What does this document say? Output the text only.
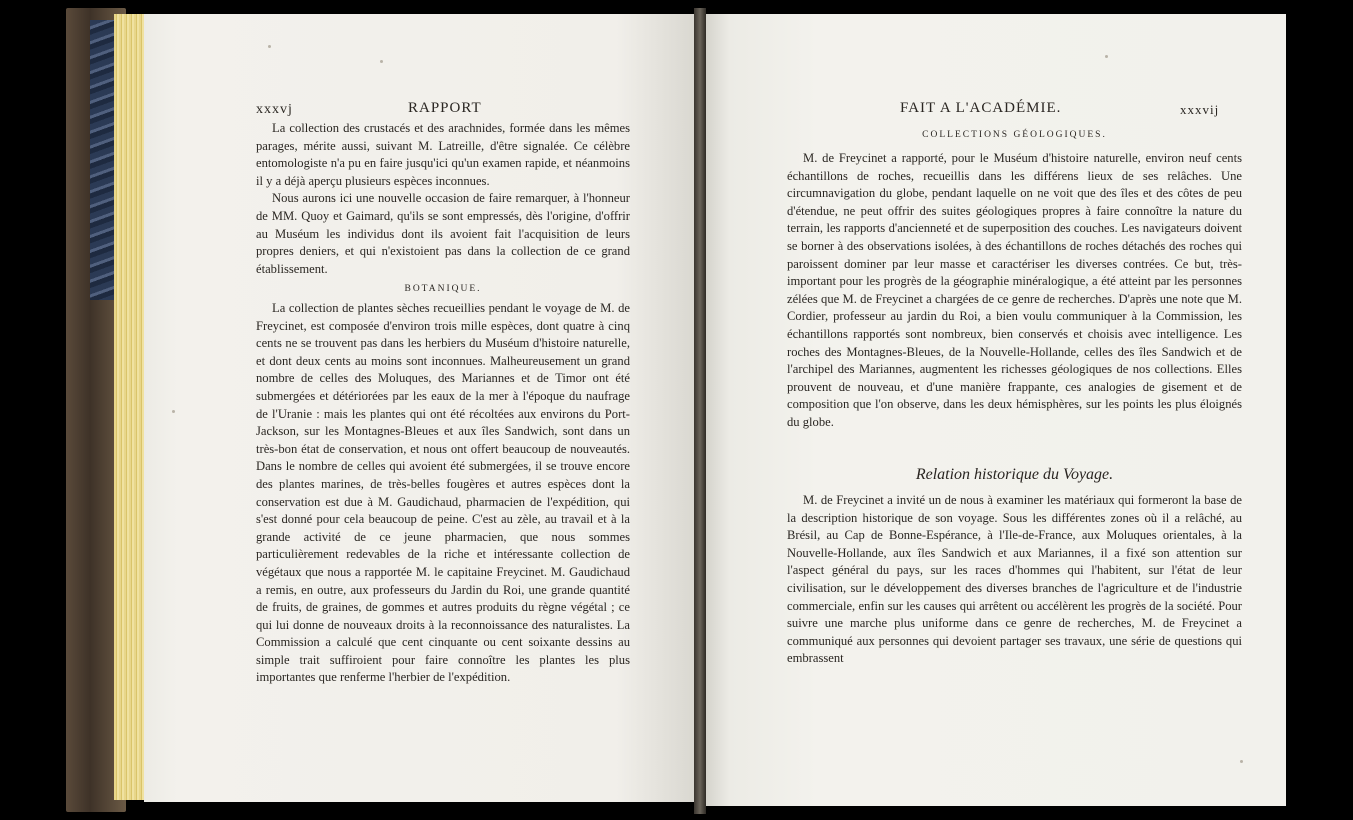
xxxvj	RAPPORT

La collection des crustacés et des arachnides, formée dans les mêmes parages, mérite aussi, suivant M. Latreille, d'être signalée. Ce célèbre entomologiste n'a pu en faire jusqu'ici qu'un examen rapide, et néanmoins il y a déjà aperçu plusieurs espèces inconnues.

Nous aurons ici une nouvelle occasion de faire remarquer, à l'honneur de MM. Quoy et Gaimard, qu'ils se sont empressés, dès l'origine, d'offrir au Muséum les individus dont ils avoient fait l'acquisition de leurs propres deniers, et qui n'existoient pas dans la collection de ce grand établissement.

BOTANIQUE.

La collection de plantes sèches recueillies pendant le voyage de M. de Freycinet, est composée d'environ trois mille espèces, dont quatre à cinq cents ne se trouvent pas dans les herbiers du Muséum d'histoire naturelle, et dont deux cents au moins sont inconnues. Malheureusement un grand nombre de celles des Moluques, des Mariannes et de Timor ont été submergées et détériorées par les eaux de la mer à l'époque du naufrage de l'Uranie : mais les plantes qui ont été récoltées aux environs du Port-Jackson, sur les Montagnes-Bleues et aux îles Sandwich, sont dans un très-bon état de conservation, et nous ont offert beaucoup de nouveautés. Dans le nombre de celles qui avoient été submergées, il se trouve encore des plantes marines, de très-belles fougères et autres espèces dont la conservation est due à M. Gaudichaud, pharmacien de l'expédition, qui s'est donné pour cela beaucoup de peine. C'est au zèle, au travail et à la grande activité de ce jeune pharmacien, que nous sommes particulièrement redevables de la riche et intéressante collection de végétaux que nous a rapportée M. le capitaine Freycinet. M. Gaudichaud a remis, en outre, aux professeurs du Jardin du Roi, une grande quantité de fruits, de graines, de gommes et autres produits du règne végétal ; ce qui lui donne de nouveaux droits à la reconnoissance des naturalistes. La Commission a calculé que cent cinquante ou cent soixante dessins au simple trait suffiroient pour faire connoître les plantes les plus importantes que renferme l'herbier de l'expédition.

FAIT A L'ACADÉMIE.	xxxvij
COLLECTIONS GÉOLOGIQUES.

M. de Freycinet a rapporté, pour le Muséum d'histoire naturelle, environ neuf cents échantillons de roches, recueillis dans les différens lieux de ses relâches. Une circumnavigation du globe, pendant laquelle on ne voit que des îles et des côtes de peu d'étendue, ne peut offrir des suites géologiques propres à faire connoître la nature du terrain, les rapports d'ancienneté et de superposition des couches. Les navigateurs doivent se borner à des observations isolées, à des échantillons de roches détachés des roches qui paroissent dominer par leur masse et caractériser les diverses contrées. Ce but, très-important pour les progrès de la géographie minéralogique, a été atteint par les personnes zélées que M. de Freycinet a chargées de ce genre de recherches. D'après une note que M. Cordier, professeur au jardin du Roi, a bien voulu communiquer à la Commission, les échantillons rapportés sont nombreux, bien conservés et choisis avec intelligence. Les roches des Montagnes-Bleues, de la Nouvelle-Hollande, celles des îles Sandwich et de l'archipel des Mariannes, augmentent les richesses géologiques de nos collections. Elles prouvent de nouveau, et d'une manière frappante, ces analogies de gisement et de composition que l'on observe, dans les deux hémisphères, sur les points les plus éloignés du globe.

Relation historique du Voyage.

M. de Freycinet a invité un de nous à examiner les matériaux qui formeront la base de la description historique de son voyage. Sous les différentes zones où il a relâché, au Brésil, au Cap de Bonne-Espérance, à l'Ile-de-France, aux Moluques orientales, à la Nouvelle-Hollande, aux îles Sandwich et aux Mariannes, il a fixé son attention sur l'aspect général du pays, sur les races d'hommes qui l'habitent, sur l'état de leur civilisation, sur le développement des diverses branches de l'agriculture et de l'industrie commerciale, enfin sur les causes qui arrêtent ou accélèrent les progrès de la société. Pour suivre une marche plus uniforme dans ce genre de recherches, M. de Freycinet a communiqué aux personnes qui devoient partager ses travaux, une série de questions qui embrassent
